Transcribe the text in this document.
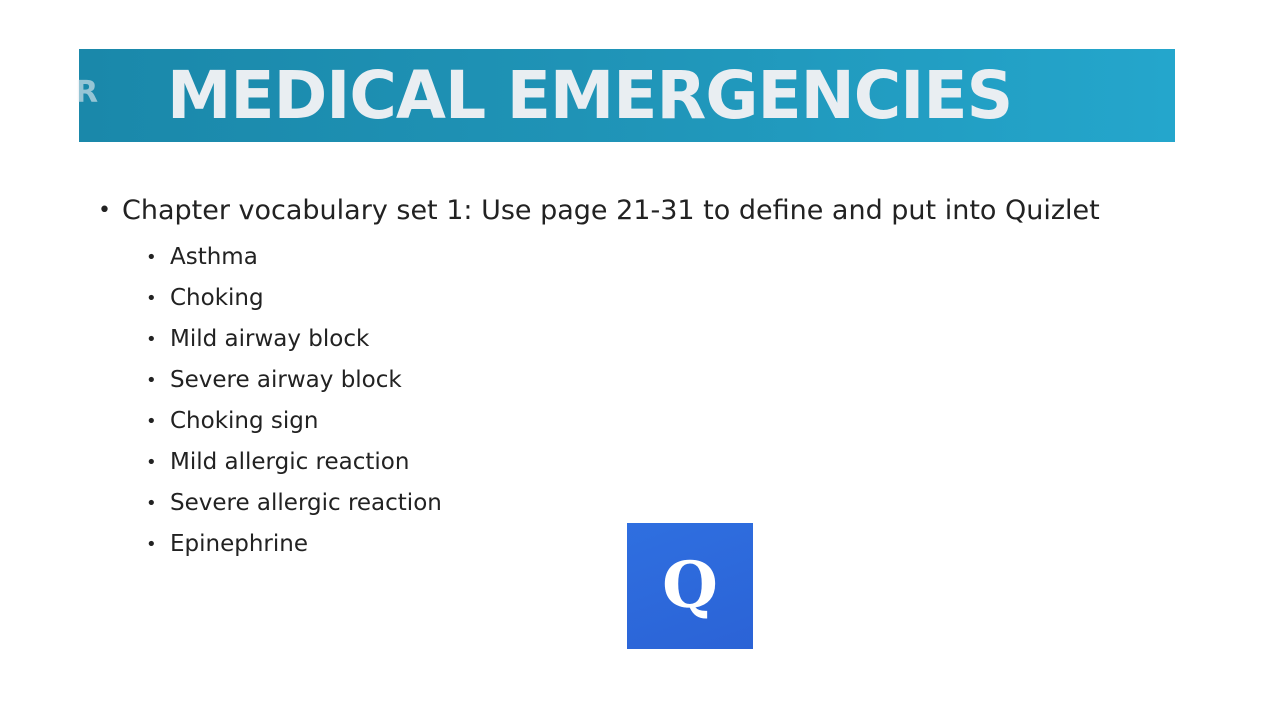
R MEDICAL EMERGENCIES

• Chapter vocabulary set 1: Use page 21-31 to define and put into Quizlet

• Asthma
• Choking
• Mild airway block
• Severe airway block
• Choking sign
• Mild allergic reaction
• Severe allergic reaction
• Epinephrine
Q
